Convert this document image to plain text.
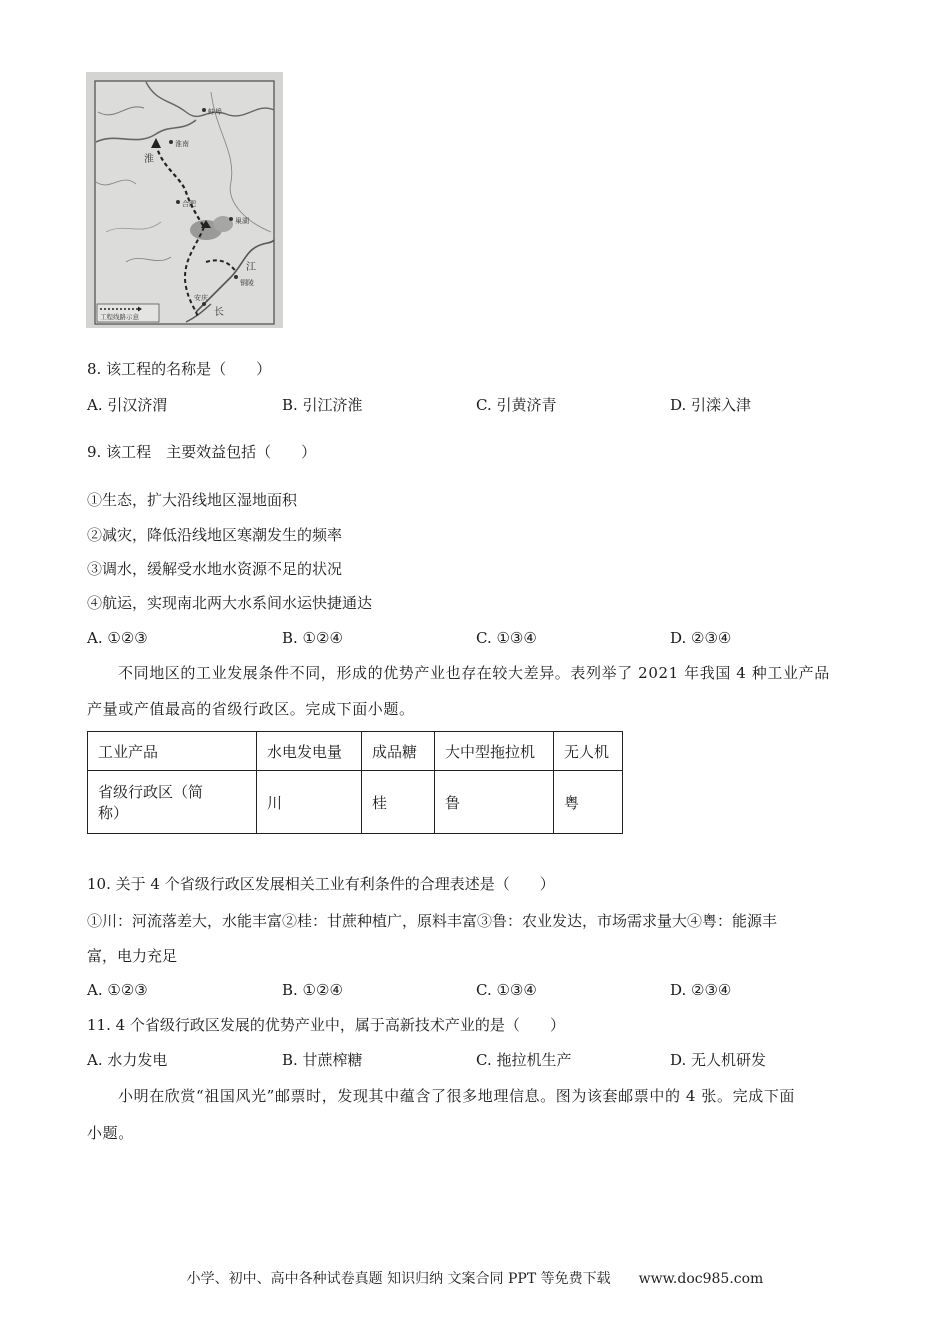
蚌埠
淮南
淮
合肥
巢湖
江
铜陵
安庆
长
工程线路示意
8. 该工程的名称是（　　）
A. 引汉济渭	B. 引江济淮	C. 引黄济青	D. 引滦入津
9. 该工程　主要效益包括（　　）
①生态，扩大沿线地区湿地面积
②减灾，降低沿线地区寒潮发生的频率
③调水，缓解受水地水资源不足的状况
④航运，实现南北两大水系间水运快捷通达
A. ①②③	B. ①②④	C. ①③④	D. ②③④
不同地区的工业发展条件不同，形成的优势产业也存在较大差异。表列举了 2021 年我国 4 种工业产品
产量或产值最高的省级行政区。完成下面小题。
工业产品	水电发电量	成品糖	大中型拖拉机	无人机

省级行政区（简
称）	川	桂	鲁	粤
10. 关于 4 个省级行政区发展相关工业有利条件的合理表述是（　　）
①川：河流落差大，水能丰富②桂：甘蔗种植广，原料丰富③鲁：农业发达，市场需求量大④粤：能源丰
富，电力充足
A. ①②③	B. ①②④	C. ①③④	D. ②③④
11. 4 个省级行政区发展的优势产业中，属于高新技术产业的是（　　）
A. 水力发电	B. 甘蔗榨糖	C. 拖拉机生产	D. 无人机研发
小明在欣赏“祖国风光”邮票时，发现其中蕴含了很多地理信息。图为该套邮票中的 4 张。完成下面
小题。
小学、初中、高中各种试卷真题 知识归纳 文案合同 PPT 等免费下载　　www.doc985.com
